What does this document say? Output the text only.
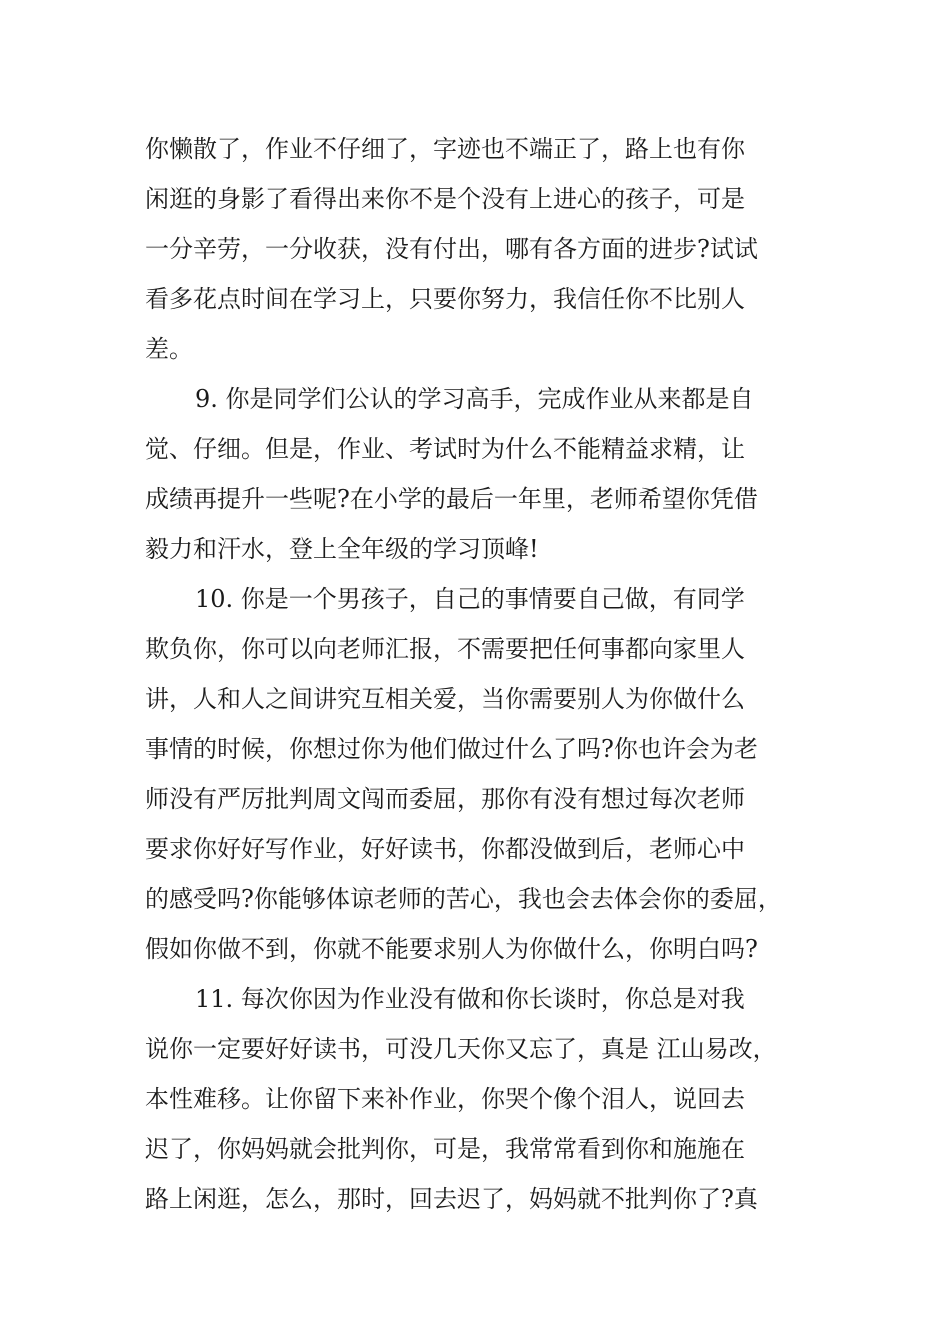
你懒散了，作业不仔细了，字迹也不端正了，路上也有你
闲逛的身影了看得出来你不是个没有上进心的孩子，可是
一分辛劳，一分收获，没有付出，哪有各方面的进步?试试
看多花点时间在学习上，只要你努力，我信任你不比别人
差。
9. 你是同学们公认的学习高手，完成作业从来都是自
觉、仔细。但是，作业、考试时为什么不能精益求精，让
成绩再提升一些呢?在小学的最后一年里，老师希望你凭借
毅力和汗水，登上全年级的学习顶峰!
10. 你是一个男孩子，自己的事情要自己做，有同学
欺负你，你可以向老师汇报，不需要把任何事都向家里人
讲，人和人之间讲究互相关爱，当你需要别人为你做什么
事情的时候，你想过你为他们做过什么了吗?你也许会为老
师没有严厉批判周文闯而委屈，那你有没有想过每次老师
要求你好好写作业，好好读书，你都没做到后，老师心中
的感受吗?你能够体谅老师的苦心，我也会去体会你的委屈，
假如你做不到，你就不能要求别人为你做什么，你明白吗?
11. 每次你因为作业没有做和你长谈时，你总是对我
说你一定要好好读书，可没几天你又忘了，真是 江山易改，
本性难移。让你留下来补作业，你哭个像个泪人，说回去
迟了，你妈妈就会批判你，可是，我常常看到你和施施在
路上闲逛，怎么，那时，回去迟了，妈妈就不批判你了?真
